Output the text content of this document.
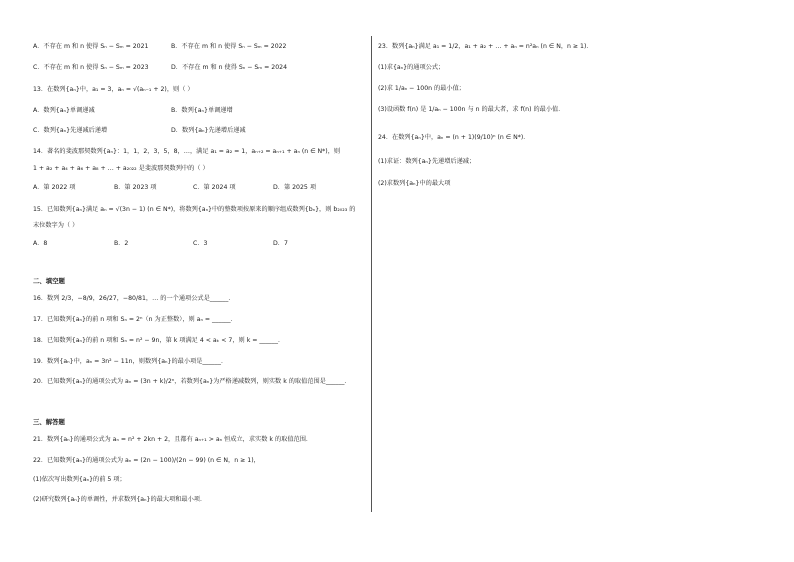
A．不存在 m 和 n 使得 Sₙ − Sₘ = 2021	B．不存在 m 和 n 使得 Sₙ − Sₘ = 2022
C．不存在 m 和 n 使得 Sₙ − Sₘ = 2023	D．不存在 m 和 n 使得 Sₙ − Sₘ = 2024
13．在数列{aₙ}中，a₁ = 3，aₙ = √(aₙ₋₁ + 2)，则（ ）
A．数列{aₙ}单调递减	B．数列{aₙ}单调递增
C．数列{aₙ}先递减后递增	D．数列{aₙ}先递增后递减
14．著名的斐波那契数列{aₙ}：1，1，2，3，5，8，…，满足 a₁ = a₂ = 1，aₙ₊₂ = aₙ₊₁ + aₙ (n ∈ N*)，则
1 + a₂ + a₄ + a₆ + a₈ + … + a₂₀₂₂ 是斐波那契数列中的（ ）
A．第 2022 项	B．第 2023 项	C．第 2024 项	D．第 2025 项
15．已知数列{aₙ}满足 aₙ = √(3n − 1) (n ∈ N*)，将数列{aₙ}中的整数项按原来的顺序组成数列{bₙ}，则 b₂₀₂₃ 的
末位数字为（ ）
A．8	B．2	C．3	D．7
二、填空题
16．数列 2/3，−8/9，26/27，−80/81，… 的一个通项公式是______．
17．已知数列{aₙ}的前 n 项和 Sₙ = 2ⁿ（n 为正整数），则 aₙ = ______．
18．已知数列{aₙ}的前 n 项和 Sₙ = n² − 9n，第 k 项满足 4 < aₖ < 7，则 k = ______．
19．数列{aₙ}中，aₙ = 3n² − 11n，则数列{aₙ}的最小项是______．
20．已知数列{aₙ}的通项公式为 aₙ = (3n + k)/2ⁿ，若数列{aₙ}为严格递减数列，则实数 k 的取值范围是______．
三、解答题
21．数列{aₙ}的通项公式为 aₙ = n² + 2kn + 2，且都有 aₙ₊₁ > aₙ 恒成立，求实数 k 的取值范围．
22．已知数列{aₙ}的通项公式为 aₙ = (2n − 100)/(2n − 99) (n ∈ N，n ≥ 1)，
(1)依次写出数列{aₙ}的前 5 项；
(2)研究数列{aₙ}的单调性，并求数列{aₙ}的最大项和最小项．
23．数列{aₙ}满足 a₁ = 1/2，a₁ + a₂ + … + aₙ = n²aₙ (n ∈ N，n ≥ 1)．
(1)求{aₙ}的通项公式；
(2)求 1/aₙ − 100n 的最小值；
(3)设函数 f(n) 是 1/aₙ − 100n 与 n 的最大者，求 f(n) 的最小值．
24．在数列{aₙ}中，aₙ = (n + 1)(9/10)ⁿ (n ∈ N*)．
(1)求证：数列{aₙ}先递增后递减；
(2)求数列{aₙ}中的最大项
